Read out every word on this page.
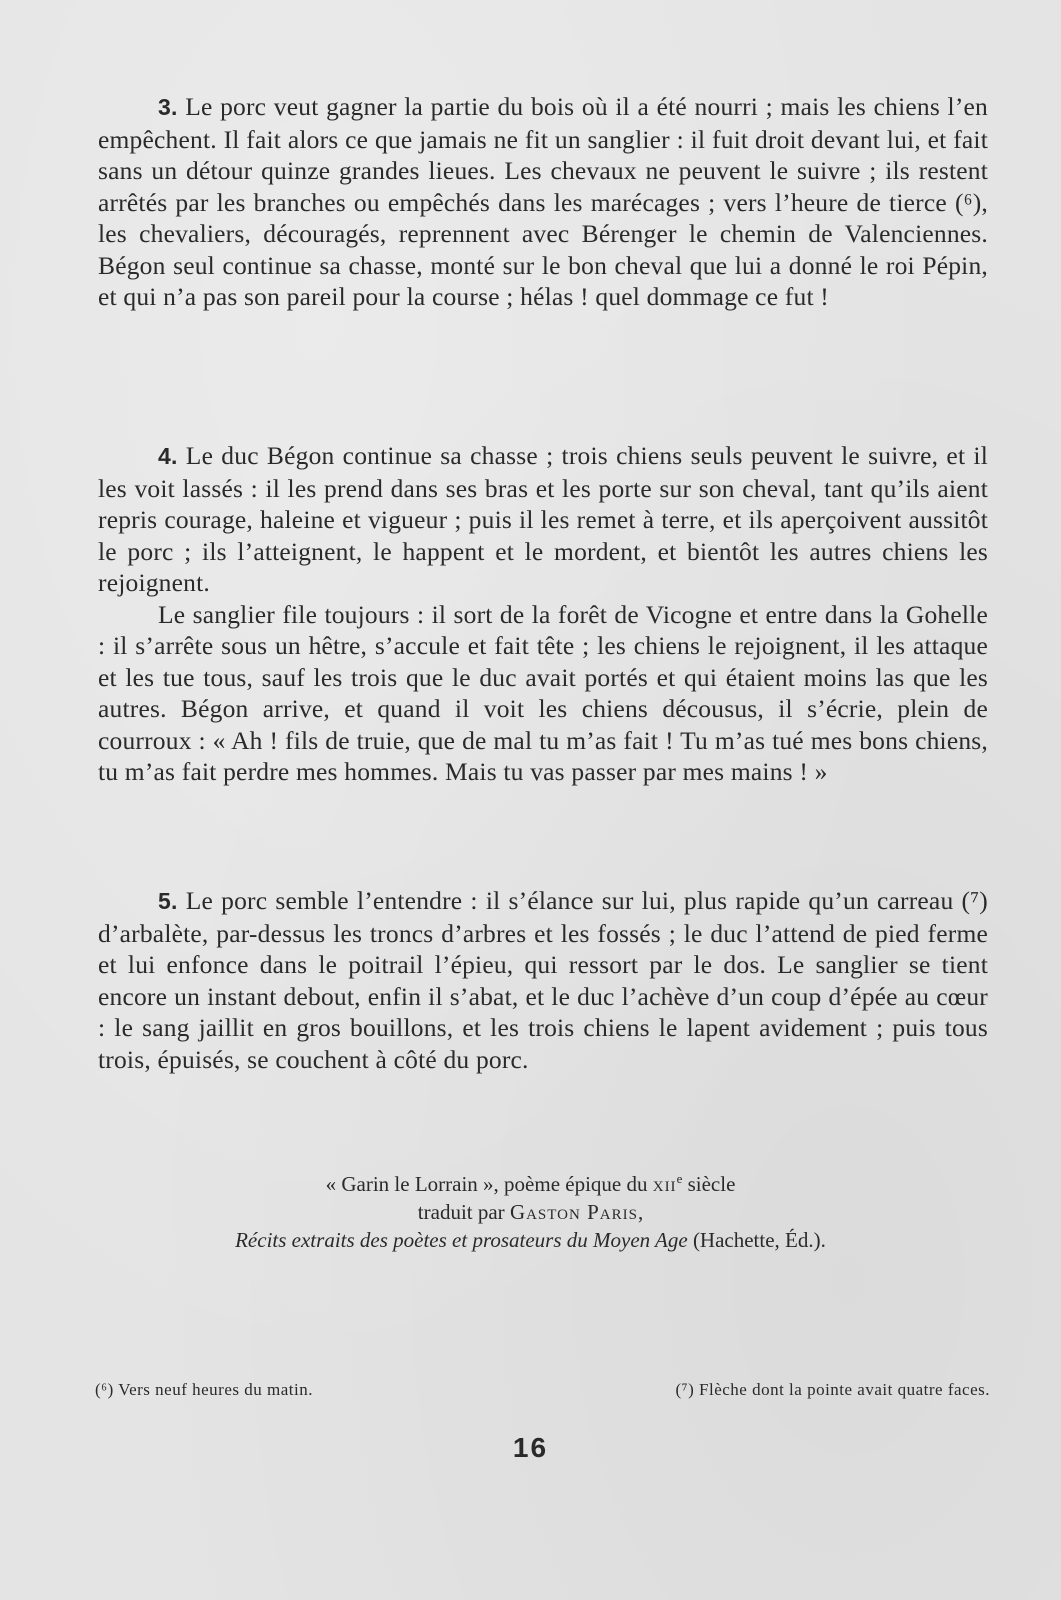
3. Le porc veut gagner la partie du bois où il a été nourri ; mais les chiens l’en empêchent. Il fait alors ce que jamais ne fit un sanglier : il fuit droit devant lui, et fait sans un détour quinze grandes lieues. Les chevaux ne peuvent le suivre ; ils restent arrêtés par les branches ou empêchés dans les marécages ; vers l’heure de tierce (⁶), les chevaliers, découragés, reprennent avec Bérenger le chemin de Valenciennes. Bégon seul continue sa chasse, monté sur le bon cheval que lui a donné le roi Pépin, et qui n’a pas son pareil pour la course ; hélas ! quel dommage ce fut !

4. Le duc Bégon continue sa chasse ; trois chiens seuls peuvent le suivre, et il les voit lassés : il les prend dans ses bras et les porte sur son cheval, tant qu’ils aient repris courage, haleine et vigueur ; puis il les remet à terre, et ils aperçoivent aussitôt le porc ; ils l’atteignent, le happent et le mordent, et bientôt les autres chiens les rejoignent.

Le sanglier file toujours : il sort de la forêt de Vicogne et entre dans la Gohelle : il s’arrête sous un hêtre, s’accule et fait tête ; les chiens le rejoignent, il les attaque et les tue tous, sauf les trois que le duc avait portés et qui étaient moins las que les autres. Bégon arrive, et quand il voit les chiens décousus, il s’écrie, plein de courroux : « Ah ! fils de truie, que de mal tu m’as fait ! Tu m’as tué mes bons chiens, tu m’as fait perdre mes hommes. Mais tu vas passer par mes mains ! »

5. Le porc semble l’entendre : il s’élance sur lui, plus rapide qu’un carreau (⁷) d’arbalète, par-dessus les troncs d’arbres et les fossés ; le duc l’attend de pied ferme et lui enfonce dans le poitrail l’épieu, qui ressort par le dos. Le sanglier se tient encore un instant debout, enfin il s’abat, et le duc l’achève d’un coup d’épée au cœur : le sang jaillit en gros bouillons, et les trois chiens le lapent avidement ; puis tous trois, épuisés, se couchent à côté du porc.

« Garin le Lorrain », poème épique du xii$^e$ siècle
traduit par Gaston Paris,
Récits extraits des poètes et prosateurs du Moyen Age (Hachette, Éd.).
(⁶) Vers neuf heures du matin.	(⁷) Flèche dont la pointe avait quatre faces.
16
